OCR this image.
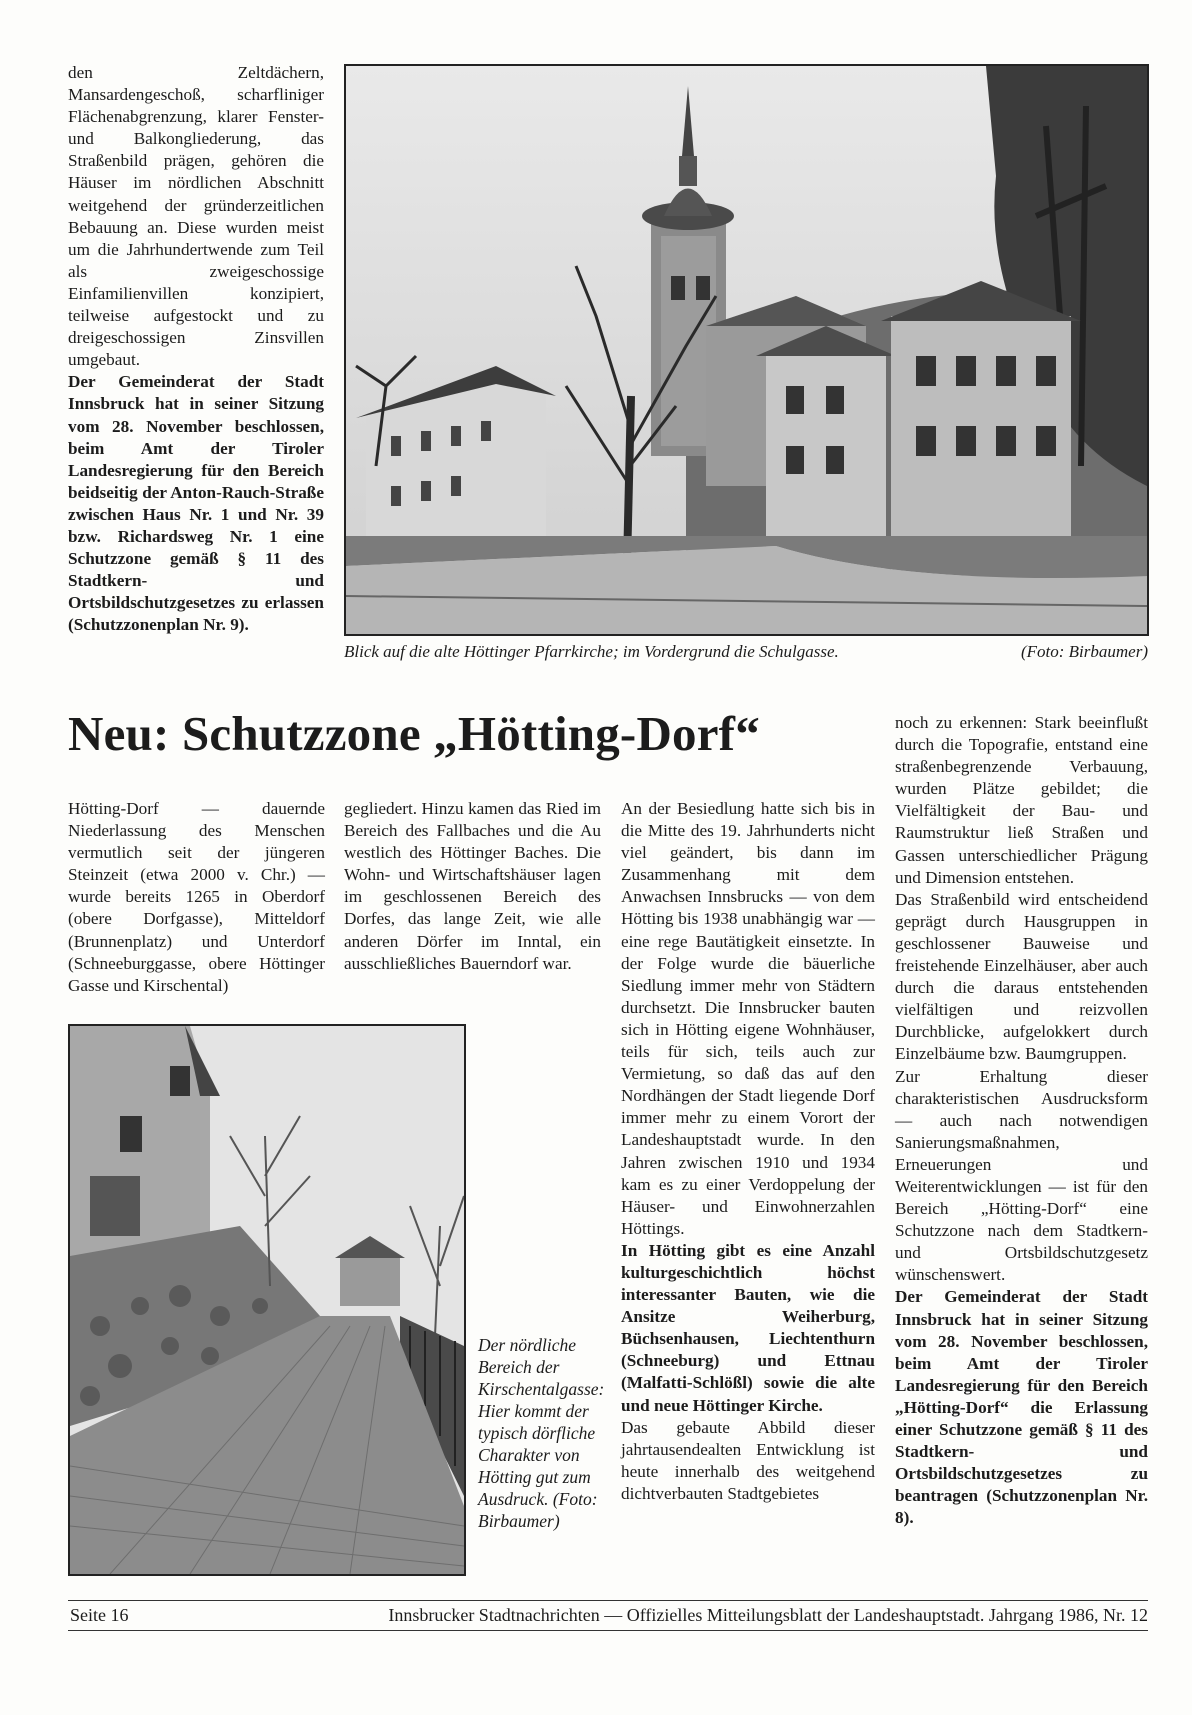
den Zeltdächern, Mansardengeschoß, scharfliniger Flächenabgrenzung, klarer Fenster- und Balkongliederung, das Straßenbild prägen, gehören die Häuser im nördlichen Abschnitt weitgehend der gründerzeitlichen Bebauung an. Diese wurden meist um die Jahrhundertwende zum Teil als zweigeschossige Einfamilienvillen konzipiert, teilweise aufgestockt und zu dreigeschossigen Zinsvillen umgebaut.

Der Gemeinderat der Stadt Innsbruck hat in seiner Sitzung vom 28. November beschlossen, beim Amt der Tiroler Landesregierung für den Bereich beidseitig der Anton-Rauch-Straße zwischen Haus Nr. 1 und Nr. 39 bzw. Richardsweg Nr. 1 eine Schutzzone gemäß § 11 des Stadtkern- und Ortsbildschutzgesetzes zu erlassen (Schutzzonenplan Nr. 9).

Blick auf die alte Höttinger Pfarrkirche; im Vordergrund die Schulgasse.	(Foto: Birbaumer)
Neu: Schutzzone „Hötting-Dorf“

Hötting-Dorf — dauernde Niederlassung des Menschen vermutlich seit der jüngeren Steinzeit (etwa 2000 v. Chr.) — wurde bereits 1265 in Oberdorf (obere Dorfgasse), Mitteldorf (Brunnenplatz) und Unterdorf (Schneeburggasse, obere Höttinger Gasse und Kirschental)

gegliedert. Hinzu kamen das Ried im Bereich des Fallbaches und die Au westlich des Höttinger Baches. Die Wohn- und Wirtschaftshäuser lagen im geschlossenen Bereich des Dorfes, das lange Zeit, wie alle anderen Dörfer im Inntal, ein ausschließliches Bauerndorf war.

Der nördliche Bereich der Kirschentalgasse: Hier kommt der typisch dörfliche Charakter von Hötting gut zum Ausdruck. (Foto: Birbaumer)

An der Besiedlung hatte sich bis in die Mitte des 19. Jahrhunderts nicht viel geändert, bis dann im Zusammenhang mit dem Anwachsen Innsbrucks — von dem Hötting bis 1938 unabhängig war — eine rege Bautätigkeit einsetzte. In der Folge wurde die bäuerliche Siedlung immer mehr von Städtern durchsetzt. Die Innsbrucker bauten sich in Hötting eigene Wohnhäuser, teils für sich, teils auch zur Vermietung, so daß das auf den Nordhängen der Stadt liegende Dorf immer mehr zu einem Vorort der Landeshauptstadt wurde. In den Jahren zwischen 1910 und 1934 kam es zu einer Verdoppelung der Häuser- und Einwohnerzahlen Höttings.

In Hötting gibt es eine Anzahl kulturgeschichtlich höchst interessanter Bauten, wie die Ansitze Weiherburg, Büchsenhausen, Liechtenthurn (Schneeburg) und Ettnau (Malfatti-Schlößl) sowie die alte und neue Höttinger Kirche.

Das gebaute Abbild dieser jahrtausendealten Entwicklung ist heute innerhalb des weitgehend dichtverbauten Stadtgebietes

noch zu erkennen: Stark beeinflußt durch die Topografie, entstand eine straßenbegrenzende Verbauung, wurden Plätze gebildet; die Vielfältigkeit der Bau- und Raumstruktur ließ Straßen und Gassen unterschiedlicher Prägung und Dimension entstehen.

Das Straßenbild wird entscheidend geprägt durch Hausgruppen in geschlossener Bauweise und freistehende Einzelhäuser, aber auch durch die daraus entstehenden vielfältigen und reizvollen Durchblicke, aufgelokkert durch Einzelbäume bzw. Baumgruppen.

Zur Erhaltung dieser charakteristischen Ausdrucksform — auch nach notwendigen Sanierungsmaßnahmen, Erneuerungen und Weiterentwicklungen — ist für den Bereich „Hötting-Dorf“ eine Schutzzone nach dem Stadtkern- und Ortsbildschutzgesetz wünschenswert.

Der Gemeinderat der Stadt Innsbruck hat in seiner Sitzung vom 28. November beschlossen, beim Amt der Tiroler Landesregierung für den Bereich „Hötting-Dorf“ die Erlassung einer Schutzzone gemäß § 11 des Stadtkern- und Ortsbildschutzgesetzes zu beantragen (Schutzzonenplan Nr. 8).

Seite 16	Innsbrucker Stadtnachrichten — Offizielles Mitteilungsblatt der Landeshauptstadt. Jahrgang 1986, Nr. 12
